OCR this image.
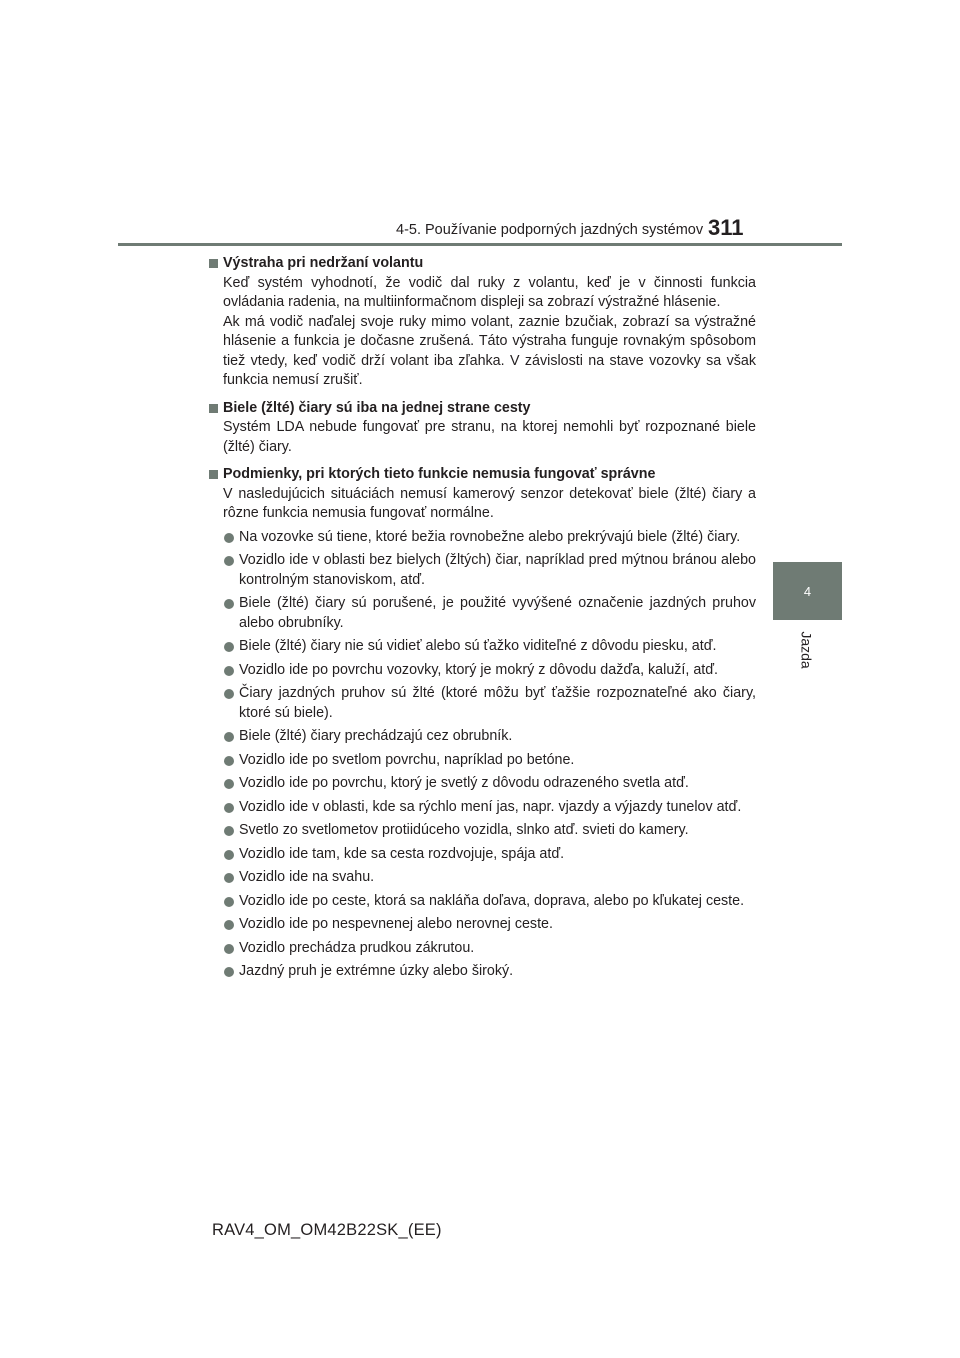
4-5. Používanie podporných jazdných systémov 311
4
Jazda
Výstraha pri nedržaní volantu
Keď systém vyhodnotí, že vodič dal ruky z volantu, keď je v činnosti funkcia ovládania radenia, na multiinformačnom displeji sa zobrazí výstražné hlásenie.
Ak má vodič naďalej svoje ruky mimo volant, zaznie bzučiak, zobrazí sa výstražné hlásenie a funkcia je dočasne zrušená. Táto výstraha funguje rovnakým spôsobom tiež vtedy, keď vodič drží volant iba zľahka. V závislosti na stave vozovky sa však funkcia nemusí zrušiť.
Biele (žlté) čiary sú iba na jednej strane cesty
Systém LDA nebude fungovať pre stranu, na ktorej nemohli byť rozpoznané biele (žlté) čiary.
Podmienky, pri ktorých tieto funkcie nemusia fungovať správne
V nasledujúcich situáciách nemusí kamerový senzor detekovať biele (žlté) čiary a rôzne funkcia nemusia fungovať normálne.
Na vozovke sú tiene, ktoré bežia rovnobežne alebo prekrývajú biele (žlté) čiary.
Vozidlo ide v oblasti bez bielych (žltých) čiar, napríklad pred mýtnou bránou alebo kontrolným stanoviskom, atď.
Biele (žlté) čiary sú porušené, je použité vyvýšené označenie jazdných pruhov alebo obrubníky.
Biele (žlté) čiary nie sú vidieť alebo sú ťažko viditeľné z dôvodu piesku, atď.
Vozidlo ide po povrchu vozovky, ktorý je mokrý z dôvodu dažďa, kaluží, atď.
Čiary jazdných pruhov sú žlté (ktoré môžu byť ťažšie rozpoznateľné ako čiary, ktoré sú biele).
Biele (žlté) čiary prechádzajú cez obrubník.
Vozidlo ide po svetlom povrchu, napríklad po betóne.
Vozidlo ide po povrchu, ktorý je svetlý z dôvodu odrazeného svetla atď.
Vozidlo ide v oblasti, kde sa rýchlo mení jas, napr. vjazdy a výjazdy tunelov atď.
Svetlo zo svetlometov protiidúceho vozidla, slnko atď. svieti do kamery.
Vozidlo ide tam, kde sa cesta rozdvojuje, spája atď.
Vozidlo ide na svahu.
Vozidlo ide po ceste, ktorá sa nakláňa doľava, doprava, alebo po kľukatej ceste.
Vozidlo ide po nespevnenej alebo nerovnej ceste.
Vozidlo prechádza prudkou zákrutou.
Jazdný pruh je extrémne úzky alebo široký.
RAV4_OM_OM42B22SK_(EE)
